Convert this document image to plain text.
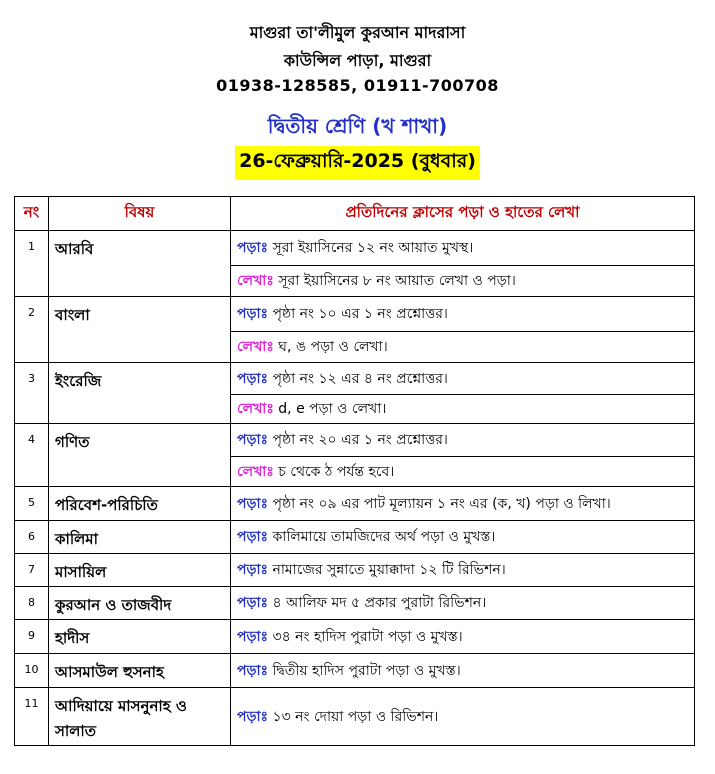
মাগুরা তা'লীমুল কুরআন মাদরাসা
কাউন্সিল পাড়া, মাগুরা
01938-128585, 01911-700708
দ্বিতীয় শ্রেণি (খ শাখা)
26-ফেব্রুয়ারি-2025 (বুধবার)
নং	বিষয়	প্রতিদিনের ক্লাসের পড়া ও হাতের লেখা
1	আরবি	পড়াঃ সূরা ইয়াসিনের ১২ নং আয়াত মুখস্থ।
		লেখাঃ সূরা ইয়াসিনের ৮ নং আয়াত লেখা ও পড়া।
2	বাংলা	পড়াঃ পৃষ্ঠা নং ১০ এর ১ নং প্রশ্নোত্তর।
		লেখাঃ ঘ, ঙ পড়া ও লেখা।
3	ইংরেজি	পড়াঃ পৃষ্ঠা নং ১২ এর ৪ নং প্রশ্নোত্তর।
		লেখাঃ d, e পড়া ও লেখা।
4	গণিত	পড়াঃ পৃষ্ঠা নং ২০ এর ১ নং প্রশ্নোত্তর।
		লেখাঃ চ থেকে ঠ পর্যন্ত হবে।
5	পরিবেশ-পরিচিতি	পড়াঃ পৃষ্ঠা নং ০৯ এর পাট মূল্যায়ন ১ নং এর (ক, খ) পড়া ও লিখা।
6	কালিমা	পড়াঃ কালিমায়ে তামজিদের অর্থ পড়া ও মুখস্ত।
7	মাসায়িল	পড়াঃ নামাজের সুন্নাতে মুয়াক্কাদা ১২ টি রিভিশন।
8	কুরআন ও তাজবীদ	পড়াঃ ৪ আলিফ মদ ৫ প্রকার পুরাটা রিভিশন।
9	হাদীস	পড়াঃ ৩৪ নং হাদিস পুরাটা পড়া ও মুখস্ত।
10	আসমাউল হুসনাহ	পড়াঃ দ্বিতীয় হাদিস পুরাটা পড়া ও মুখস্ত।
11	আদিয়ায়ে মাসনুনাহ ও সালাত	পড়াঃ ১৩ নং দোয়া পড়া ও রিভিশন।
